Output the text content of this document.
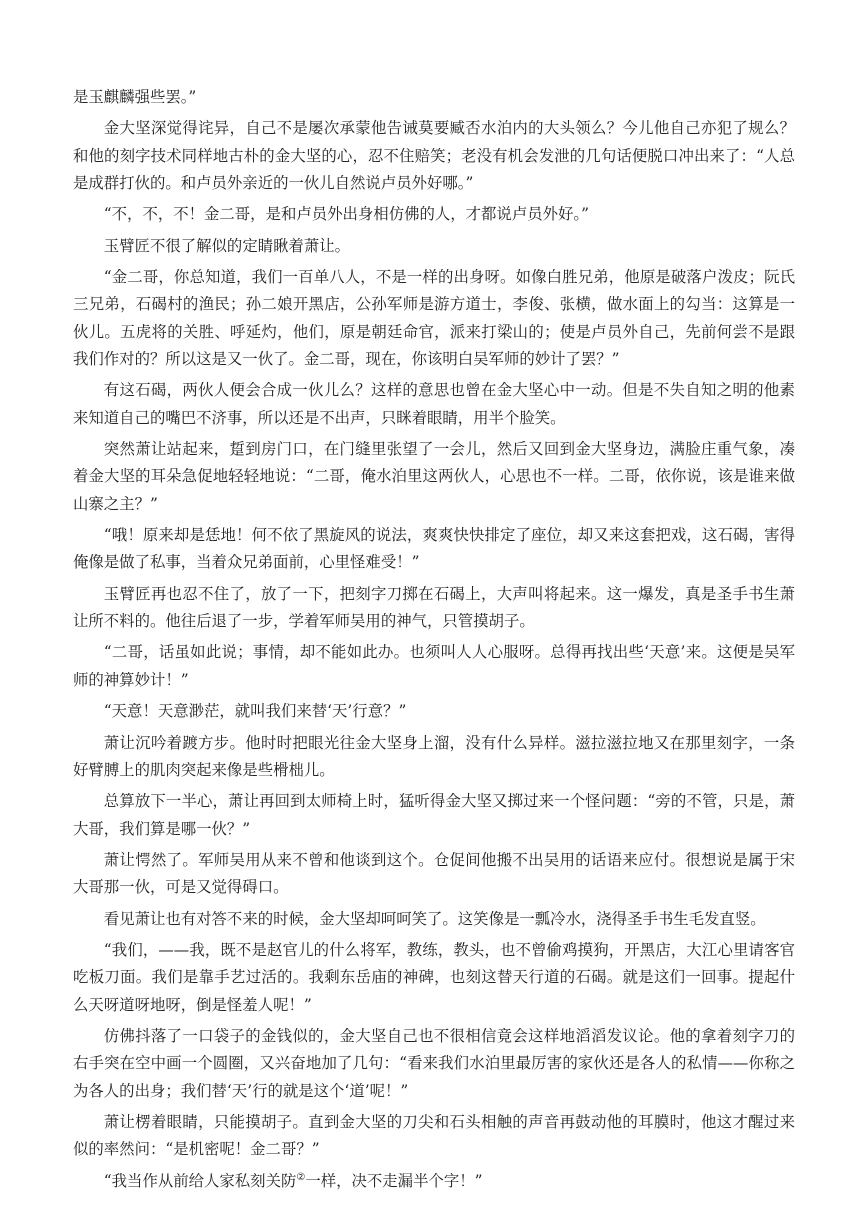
是玉麒麟强些罢。”

金大坚深觉得诧异，自己不是屡次承蒙他告诫莫要臧否水泊内的大头领么？今儿他自己亦犯了规么？和他的刻字技术同样地古朴的金大坚的心，忍不住赔笑；老没有机会发泄的几句话便脱口冲出来了：“人总是成群打伙的。和卢员外亲近的一伙儿自然说卢员外好哪。”

“不，不，不！金二哥，是和卢员外出身相仿佛的人，才都说卢员外好。”

玉臂匠不很了解似的定睛瞅着萧让。

“金二哥，你总知道，我们一百单八人，不是一样的出身呀。如像白胜兄弟，他原是破落户泼皮；阮氏三兄弟，石碣村的渔民；孙二娘开黑店，公孙军师是游方道士，李俊、张横，做水面上的勾当：这算是一伙儿。五虎将的关胜、呼延灼，他们，原是朝廷命官，派来打梁山的；使是卢员外自己，先前何尝不是跟我们作对的？所以这是又一伙了。金二哥，现在，你该明白吴军师的妙计了罢？”

有这石碣，两伙人便会合成一伙儿么？这样的意思也曾在金大坚心中一动。但是不失自知之明的他素来知道自己的嘴巴不济事，所以还是不出声，只眯着眼睛，用半个脸笑。

突然萧让站起来，踅到房门口，在门缝里张望了一会儿，然后又回到金大坚身边，满脸庄重气象，凑着金大坚的耳朵急促地轻轻地说：“二哥，俺水泊里这两伙人，心思也不一样。二哥，依你说，该是谁来做山寨之主？”

“哦！原来却是恁地！何不依了黑旋风的说法，爽爽快快排定了座位，却又来这套把戏，这石碣，害得俺像是做了私事，当着众兄弟面前，心里怪难受！”

玉臂匠再也忍不住了，放了一下，把刻字刀掷在石碣上，大声叫将起来。这一爆发，真是圣手书生萧让所不料的。他往后退了一步，学着军师吴用的神气，只管摸胡子。

“二哥，话虽如此说；事情，却不能如此办。也须叫人人心服呀。总得再找出些‘天意’来。这便是吴军师的神算妙计！”

“天意！天意渺茫，就叫我们来替‘天’行意？”

萧让沉吟着踱方步。他时时把眼光往金大坚身上溜，没有什么异样。滋拉滋拉地又在那里刻字，一条好臂膊上的肌肉突起来像是些榾柮儿。

总算放下一半心，萧让再回到太师椅上时，猛听得金大坚又掷过来一个怪问题：“旁的不管，只是，萧大哥，我们算是哪一伙？”

萧让愕然了。军师吴用从来不曾和他谈到这个。仓促间他搬不出吴用的话语来应付。很想说是属于宋大哥那一伙，可是又觉得碍口。

看见萧让也有对答不来的时候，金大坚却呵呵笑了。这笑像是一瓢冷水，浇得圣手书生毛发直竖。

“我们，——我，既不是赵官儿的什么将军，教练，教头，也不曾偷鸡摸狗，开黑店，大江心里请客官吃板刀面。我们是靠手艺过活的。我剩东岳庙的神碑，也刻这替天行道的石碣。就是这们一回事。提起什么天呀道呀地呀，倒是怪羞人呢！”

仿佛抖落了一口袋子的金钱似的，金大坚自己也不很相信竟会这样地滔滔发议论。他的拿着刻字刀的右手突在空中画一个圆圈，又兴奋地加了几句：“看来我们水泊里最厉害的家伙还是各人的私情——你称之为各人的出身；我们替‘天’行的就是这个‘道’呢！”

萧让楞着眼睛，只能摸胡子。直到金大坚的刀尖和石头相触的声音再鼓动他的耳膜时，他这才醒过来似的率然问：“是机密呢！金二哥？”

“我当作从前给人家私刻关防②一样，决不走漏半个字！”
